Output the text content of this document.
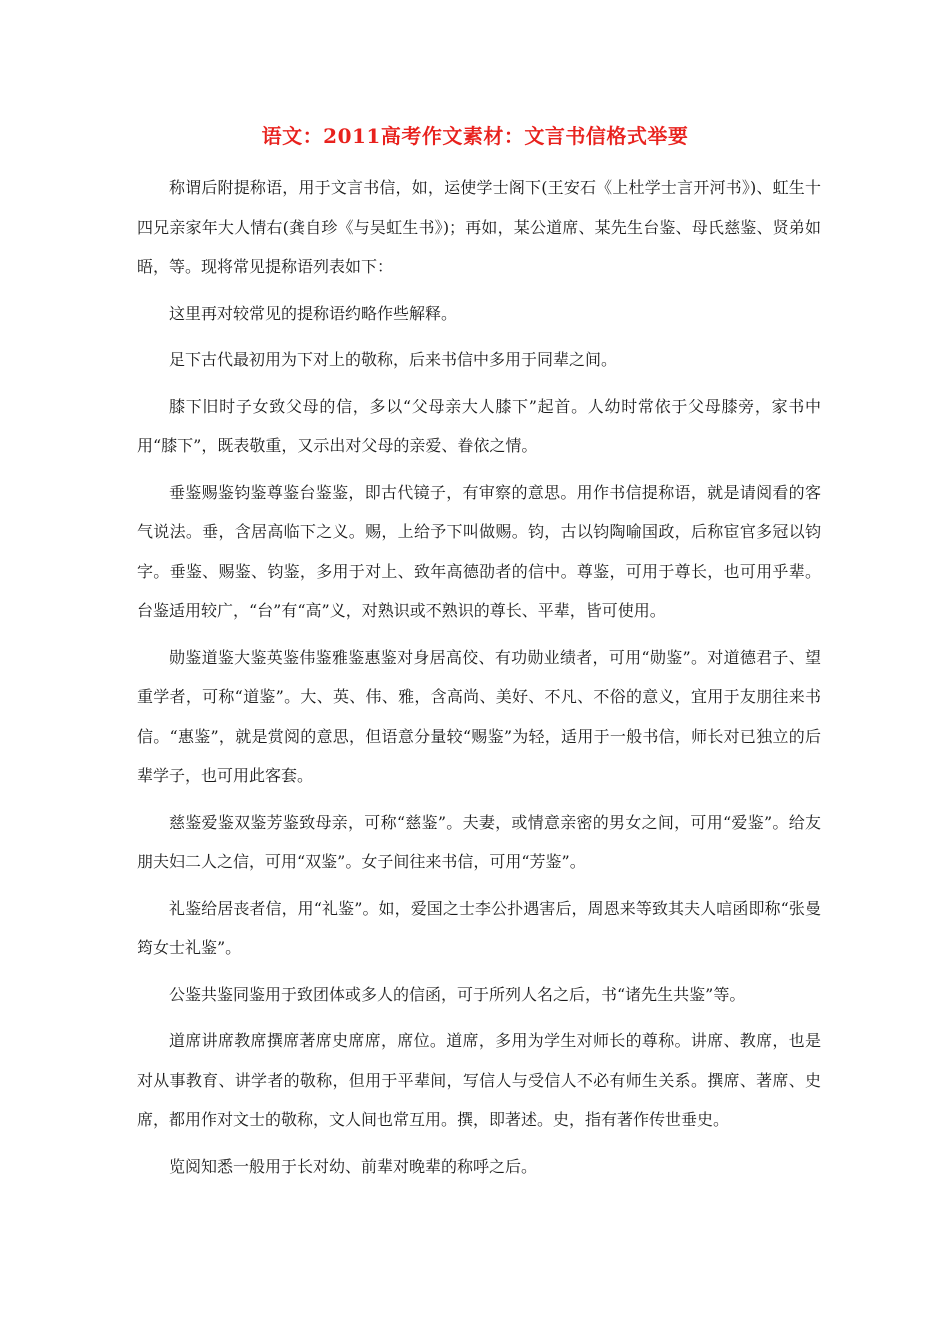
语文：2011高考作文素材：文言书信格式举要

称谓后附提称语，用于文言书信，如，运使学士阁下(王安石《上杜学士言开河书》)、虹生十四兄亲家年大人情右(龚自珍《与吴虹生书》)；再如，某公道席、某先生台鉴、母氏慈鉴、贤弟如晤，等。现将常见提称语列表如下：

这里再对较常见的提称语约略作些解释。

足下古代最初用为下对上的敬称，后来书信中多用于同辈之间。

膝下旧时子女致父母的信，多以“父母亲大人膝下”起首。人幼时常依于父母膝旁，家书中用“膝下”，既表敬重，又示出对父母的亲爱、眷依之情。

垂鉴赐鉴钧鉴尊鉴台鉴鉴，即古代镜子，有审察的意思。用作书信提称语，就是请阅看的客气说法。垂，含居高临下之义。赐，上给予下叫做赐。钧，古以钧陶喻国政，后称宦官多冠以钧字。垂鉴、赐鉴、钧鉴，多用于对上、致年高德劭者的信中。尊鉴，可用于尊长，也可用乎辈。台鉴适用较广，“台”有“高”义，对熟识或不熟识的尊长、平辈，皆可使用。

勋鉴道鉴大鉴英鉴伟鉴雅鉴惠鉴对身居高佼、有功勋业绩者，可用“勋鉴”。对道德君子、望重学者，可称“道鉴”。大、英、伟、雅，含高尚、美好、不凡、不俗的意义，宜用于友朋往来书信。“惠鉴”，就是赏阅的意思，但语意分量较“赐鉴”为轻，适用于一般书信，师长对已独立的后辈学子，也可用此客套。

慈鉴爱鉴双鉴芳鉴致母亲，可称“慈鉴”。夫妻，或情意亲密的男女之间，可用“爱鉴”。给友朋夫妇二人之信，可用“双鉴”。女子间往来书信，可用“芳鉴”。

礼鉴给居丧者信，用“礼鉴”。如，爱国之士李公扑遇害后，周恩来等致其夫人唁函即称“张曼筠女士礼鉴”。

公鉴共鉴同鉴用于致团体或多人的信函，可于所列人名之后，书“诸先生共鉴”等。

道席讲席教席撰席著席史席席，席位。道席，多用为学生对师长的尊称。讲席、教席，也是对从事教育、讲学者的敬称，但用于平辈间，写信人与受信人不必有师生关系。撰席、著席、史席，都用作对文士的敬称，文人间也常互用。撰，即著述。史，指有著作传世垂史。

览阅知悉一般用于长对幼、前辈对晚辈的称呼之后。
